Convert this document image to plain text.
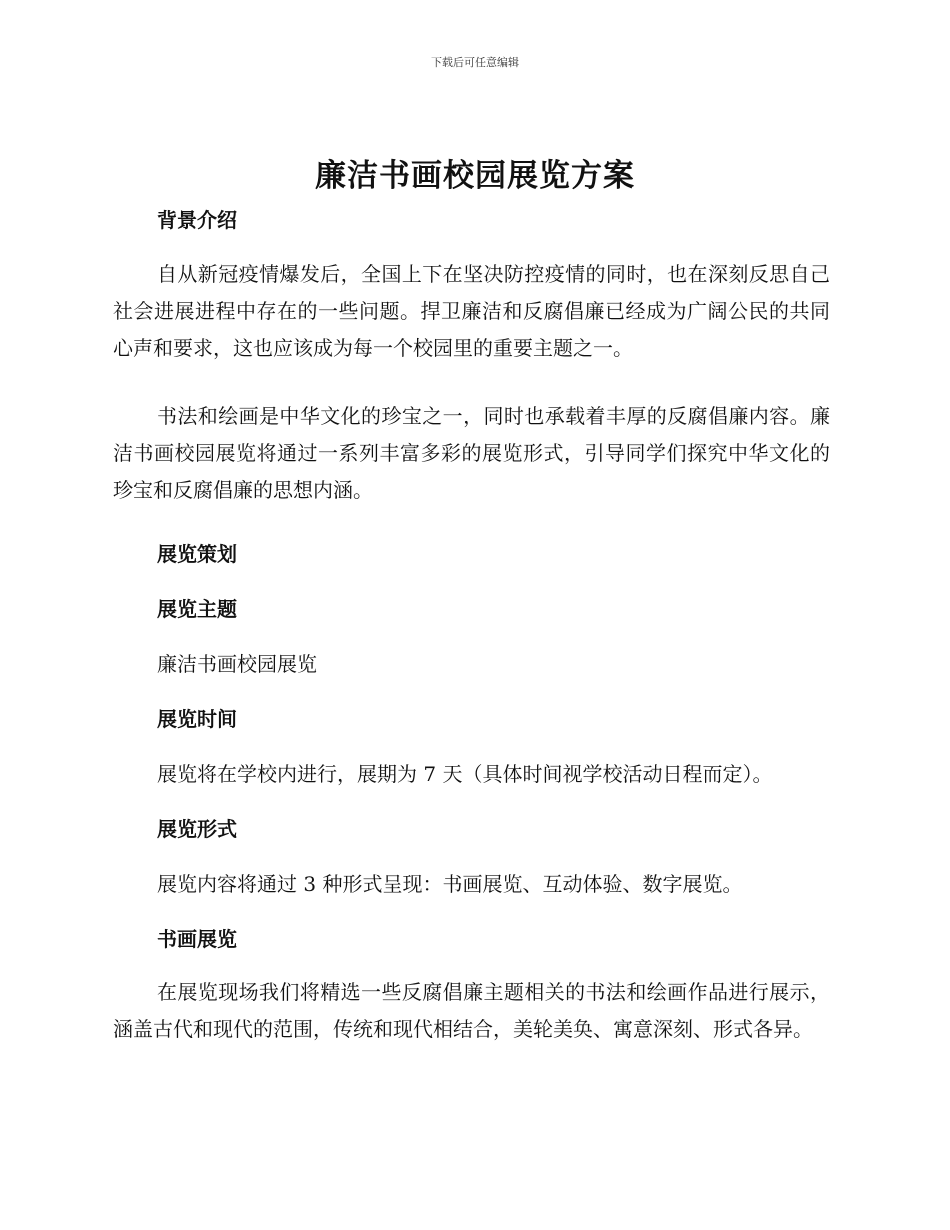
下载后可任意编辑
廉洁书画校园展览方案
背景介绍

自从新冠疫情爆发后，全国上下在坚决防控疫情的同时，也在深刻反思自己社会进展进程中存在的一些问题。捍卫廉洁和反腐倡廉已经成为广阔公民的共同心声和要求，这也应该成为每一个校园里的重要主题之一。

书法和绘画是中华文化的珍宝之一，同时也承载着丰厚的反腐倡廉内容。廉洁书画校园展览将通过一系列丰富多彩的展览形式，引导同学们探究中华文化的珍宝和反腐倡廉的思想内涵。

展览策划
展览主题

廉洁书画校园展览

展览时间

展览将在学校内进行，展期为 7 天（具体时间视学校活动日程而定）。

展览形式

展览内容将通过 3 种形式呈现：书画展览、互动体验、数字展览。

书画展览

在展览现场我们将精选一些反腐倡廉主题相关的书法和绘画作品进行展示，涵盖古代和现代的范围，传统和现代相结合，美轮美奂、寓意深刻、形式各异。
